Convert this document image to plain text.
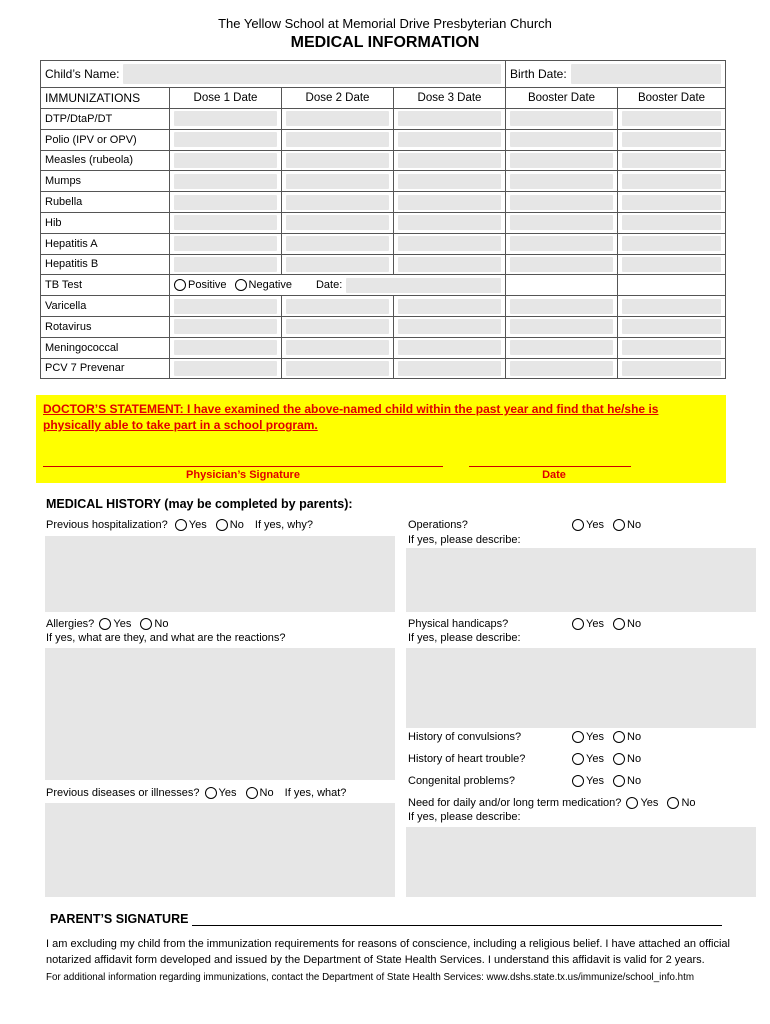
The Yellow School at Memorial Drive Presbyterian Church
MEDICAL INFORMATION
Child’s Name:				Birth Date:	

IMMUNIZATIONS	Dose 1 Date	Dose 2 Date	Dose 3 Date	Booster Date	Booster Date
DTP/DtaP/DT	

Polio (IPV or OPV)	

Measles (rubeola)	

Mumps	

Rubella	

Hib	

Hepatitis A	

Hepatitis B	

TB Test	Positive Negative Date:				

Varicella	

Rotavirus	

Meningococcal	

PCV 7 Prevenar	

DOCTOR’S STATEMENT: I have examined the above-named child within the past year and find that he/she is physically able to take part in a school program.
Physician’s Signature	Date
MEDICAL HISTORY (may be completed by parents):
Previous hospitalization? Yes No If yes, why?
Allergies? Yes No
If yes, what are they, and what are the reactions?
Previous diseases or illnesses? Yes No If yes, what?
Operations?	Yes No
If yes, please describe:
Physical handicaps?	Yes No
If yes, please describe:
History of convulsions?	Yes No
History of heart trouble?	Yes No
Congenital problems?	Yes No
Need for daily and/or long term medication? Yes No
If yes, please describe:
PARENT’S SIGNATURE
I am excluding my child from the immunization requirements for reasons of conscience, including a religious belief. I have attached an official notarized affidavit form developed and issued by the Department of State Health Services. I understand this affidavit is valid for 2 years.
For additional information regarding immunizations, contact the Department of State Health Services: www.dshs.state.tx.us/immunize/school_info.htm
